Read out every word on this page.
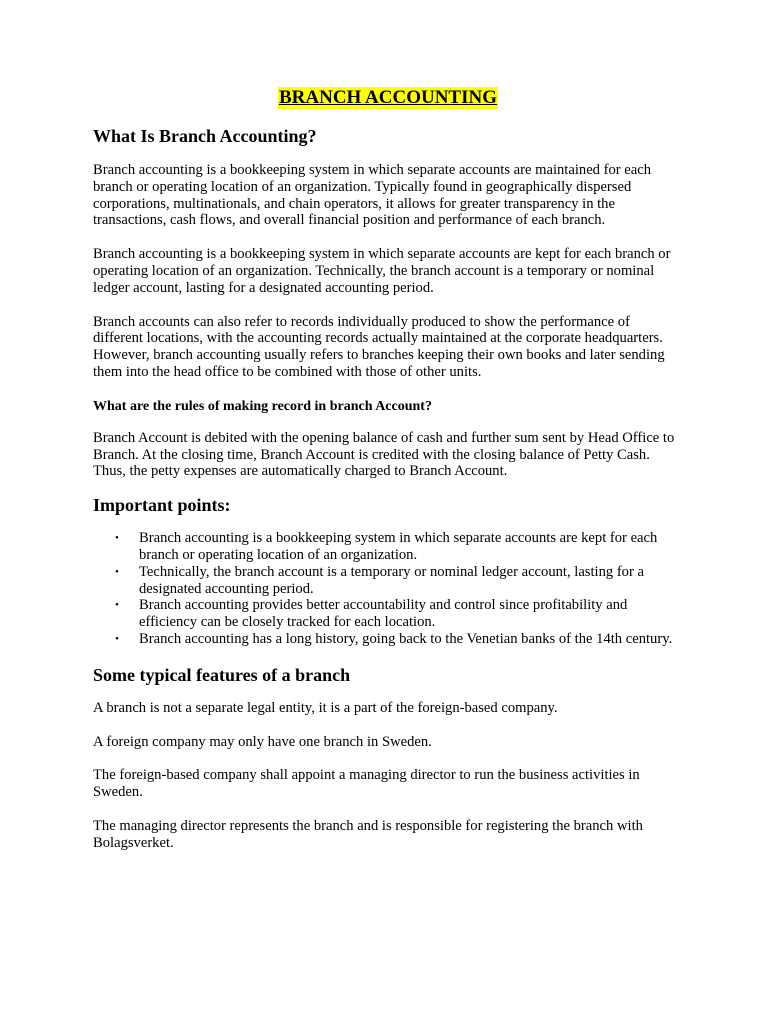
BRANCH ACCOUNTING
What Is Branch Accounting?

Branch accounting is a bookkeeping system in which separate accounts are maintained for each branch or operating location of an organization. Typically found in geographically dispersed corporations, multinationals, and chain operators, it allows for greater transparency in the transactions, cash flows, and overall financial position and performance of each branch.

Branch accounting is a bookkeeping system in which separate accounts are kept for each branch or operating location of an organization. Technically, the branch account is a temporary or nominal ledger account, lasting for a designated accounting period.

Branch accounts can also refer to records individually produced to show the performance of different locations, with the accounting records actually maintained at the corporate headquarters. However, branch accounting usually refers to branches keeping their own books and later sending them into the head office to be combined with those of other units.

What are the rules of making record in branch Account?

Branch Account is debited with the opening balance of cash and further sum sent by Head Office to Branch. At the closing time, Branch Account is credited with the closing balance of Petty Cash. Thus, the petty expenses are automatically charged to Branch Account.

Important points:
• Branch accounting is a bookkeeping system in which separate accounts are kept for each branch or operating location of an organization.
• Technically, the branch account is a temporary or nominal ledger account, lasting for a designated accounting period.
• Branch accounting provides better accountability and control since profitability and efficiency can be closely tracked for each location.
• Branch accounting has a long history, going back to the Venetian banks of the 14th century.
Some typical features of a branch

A branch is not a separate legal entity, it is a part of the foreign-based company.

A foreign company may only have one branch in Sweden.

The foreign-based company shall appoint a managing director to run the business activities in Sweden.

The managing director represents the branch and is responsible for registering the branch with Bolagsverket.
